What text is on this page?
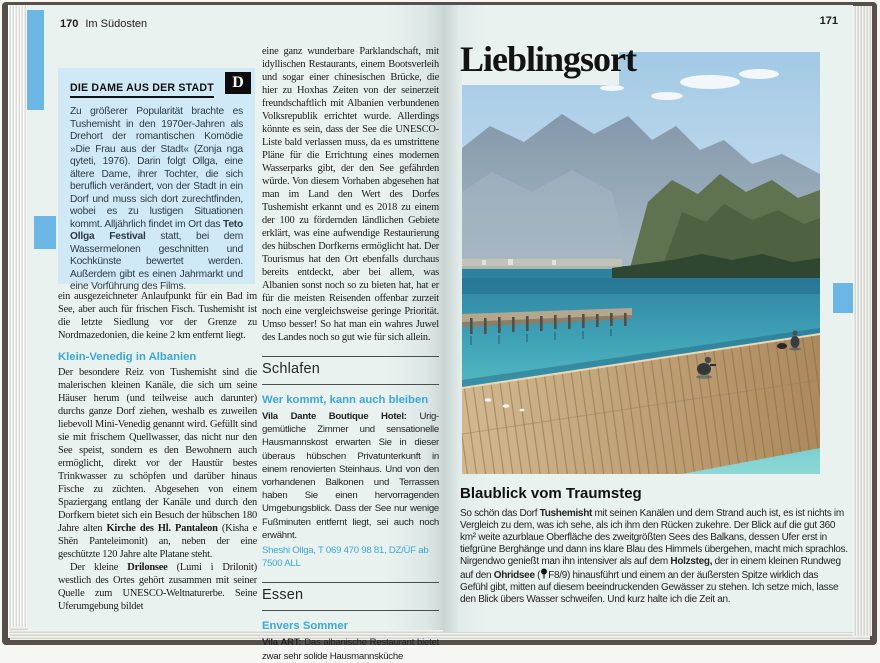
170 Im Südosten
DIE DAME AUS DER STADT	D
Zu größerer Popularität brachte es Tushemisht in den 1970er-Jahren als Drehort der romantischen Komödie »Die Frau aus der Stadt« (Zonja nga qyteti, 1976). Darin folgt Ollga, eine ältere Dame, ihrer Tochter, die sich beruflich verändert, von der Stadt in ein Dorf und muss sich dort zurechtfinden, wobei es zu lustigen Situationen kommt. Alljährlich findet im Ort das Teto Ollga Festival statt, bei dem Wassermelonen geschnitten und Kochkünste bewertet werden. Außerdem gibt es einen Jahrmarkt und eine Vorführung des Films.

ein ausgezeichneter Anlaufpunkt für ein Bad im See, aber auch für frischen Fisch. Tushemisht ist die letzte Siedlung vor der Grenze zu Nordmazedonien, die keine 2 km entfernt liegt.

Klein-Venedig in Albanien

Der besondere Reiz von Tushemisht sind die malerischen kleinen Kanäle, die sich um seine Häuser herum (und teilweise auch darunter) durchs ganze Dorf ziehen, weshalb es zuweilen liebevoll Mini-Venedig genannt wird. Gefüllt sind sie mit frischem Quellwasser, das nicht nur den See speist, sondern es den Bewohnern auch ermöglicht, direkt vor der Haustür bestes Trinkwasser zu schöpfen und darüber hinaus Fische zu züchten. Abgesehen von einem Spaziergang entlang der Kanäle und durch den Dorfkern bietet sich ein Besuch der hübschen 180 Jahre alten Kirche des Hl. Pantaleon (Kisha e Shën Panteleimonit) an, neben der eine geschützte 120 Jahre alte Platane steht.

Der kleine Drilonsee (Lumi i Drilonit) westlich des Ortes gehört zusammen mit seiner Quelle zum UNESCO-Weltnaturerbe. Seine Uferumgebung bildet

eine ganz wunderbare Parklandschaft, mit idyllischen Restaurants, einem Bootsverleih und sogar einer chinesischen Brücke, die hier zu Hoxhas Zeiten von der seinerzeit freundschaftlich mit Albanien verbundenen Volksrepublik errichtet wurde. Allerdings könnte es sein, dass der See die UNESCO-Liste bald verlassen muss, da es umstrittene Pläne für die Errichtung eines modernen Wasserparks gibt, der den See gefährden würde. Von diesem Vorhaben abgesehen hat man im Land den Wert des Dorfes Tushemisht erkannt und es 2018 zu einem der 100 zu fördernden ländlichen Gebiete erklärt, was eine aufwendige Restaurierung des hübschen Dorfkerns ermöglicht hat. Der Tourismus hat den Ort ebenfalls durchaus bereits entdeckt, aber bei allem, was Albanien sonst noch so zu bieten hat, hat er für die meisten Reisenden offenbar zurzeit noch eine vergleichsweise geringe Priorität. Umso besser! So hat man ein wahres Juwel des Landes noch so gut wie für sich allein.

Schlafen
Wer kommt, kann auch bleiben

Vila Dante Boutique Hotel: Urig-gemütliche Zimmer und sensationelle Hausmannskost erwarten Sie in dieser überaus hübschen Privatunterkunft in einem renovierten Steinhaus. Und von den vorhandenen Balkonen und Terrassen haben Sie einen hervorragenden Umgebungsblick. Dass der See nur wenige Fußminuten entfernt liegt, sei auch noch erwähnt.

Sheshi Ollga, T 069 470 98 81, DZ/ÜF ab 7500 ALL
Essen
Envers Sommer

Vila ART: Das albanische Restaurant bietet zwar sehr solide Hausmannsküche

171
Lieblingsort
Blaublick vom Traumsteg

So schön das Dorf Tushemisht mit seinen Kanälen und dem Strand auch ist, es ist nichts im Vergleich zu dem, was ich sehe, als ich ihm den Rücken zukehre. Der Blick auf die gut 360 km² weite azurblaue Oberfläche des zweitgrößten Sees des Balkans, dessen Ufer erst in tiefgrüne Berghänge und dann ins klare Blau des Himmels übergehen, macht mich sprachlos. Nirgendwo genießt man ihn intensiver als auf dem Holzsteg, der in einem kleinen Rundweg auf den Ohridsee ( F8/9) hinausführt und einem an der äußersten Spitze wirklich das Gefühl gibt, mitten auf diesem beeindruckenden Gewässer zu stehen. Ich setze mich, lasse den Blick übers Wasser schweifen. Und kurz halte ich die Zeit an.
